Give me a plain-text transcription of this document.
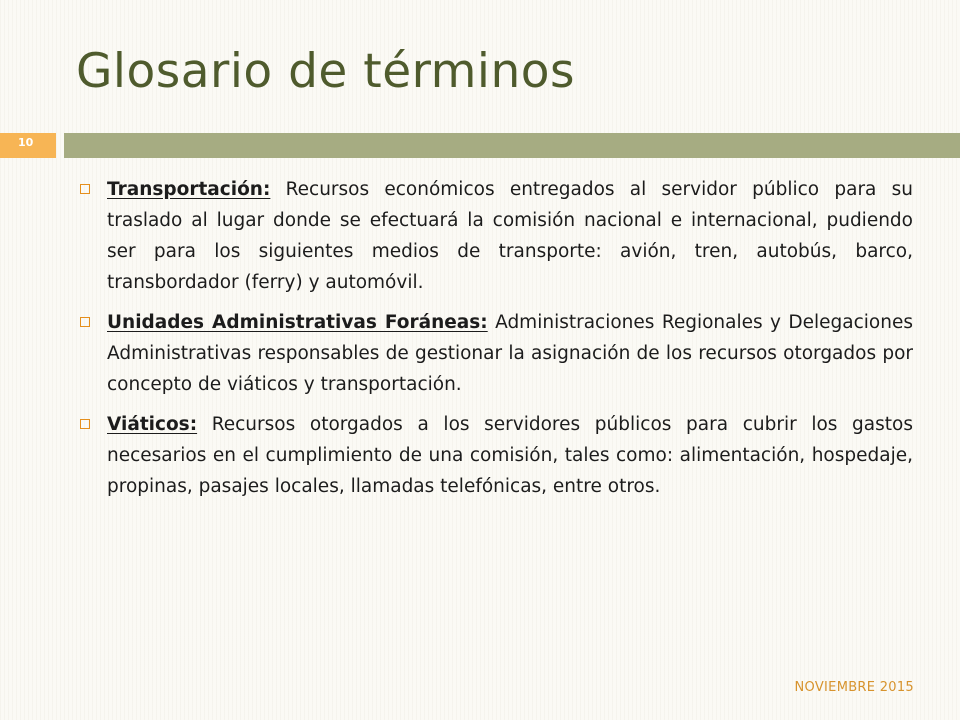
Glosario de términos
10

Transportación: Recursos económicos entregados al servidor público para su traslado al lugar donde se efectuará la comisión nacional e internacional, pudiendo ser para los siguientes medios de transporte: avión, tren, autobús, barco, transbordador (ferry) y automóvil.

Unidades Administrativas Foráneas: Administraciones Regionales y Delegaciones Administrativas responsables de gestionar la asignación de los recursos otorgados por concepto de viáticos y transportación.

Viáticos: Recursos otorgados a los servidores públicos para cubrir los gastos necesarios en el cumplimiento de una comisión, tales como: alimentación, hospedaje, propinas, pasajes locales, llamadas telefónicas, entre otros.

NOVIEMBRE 2015
